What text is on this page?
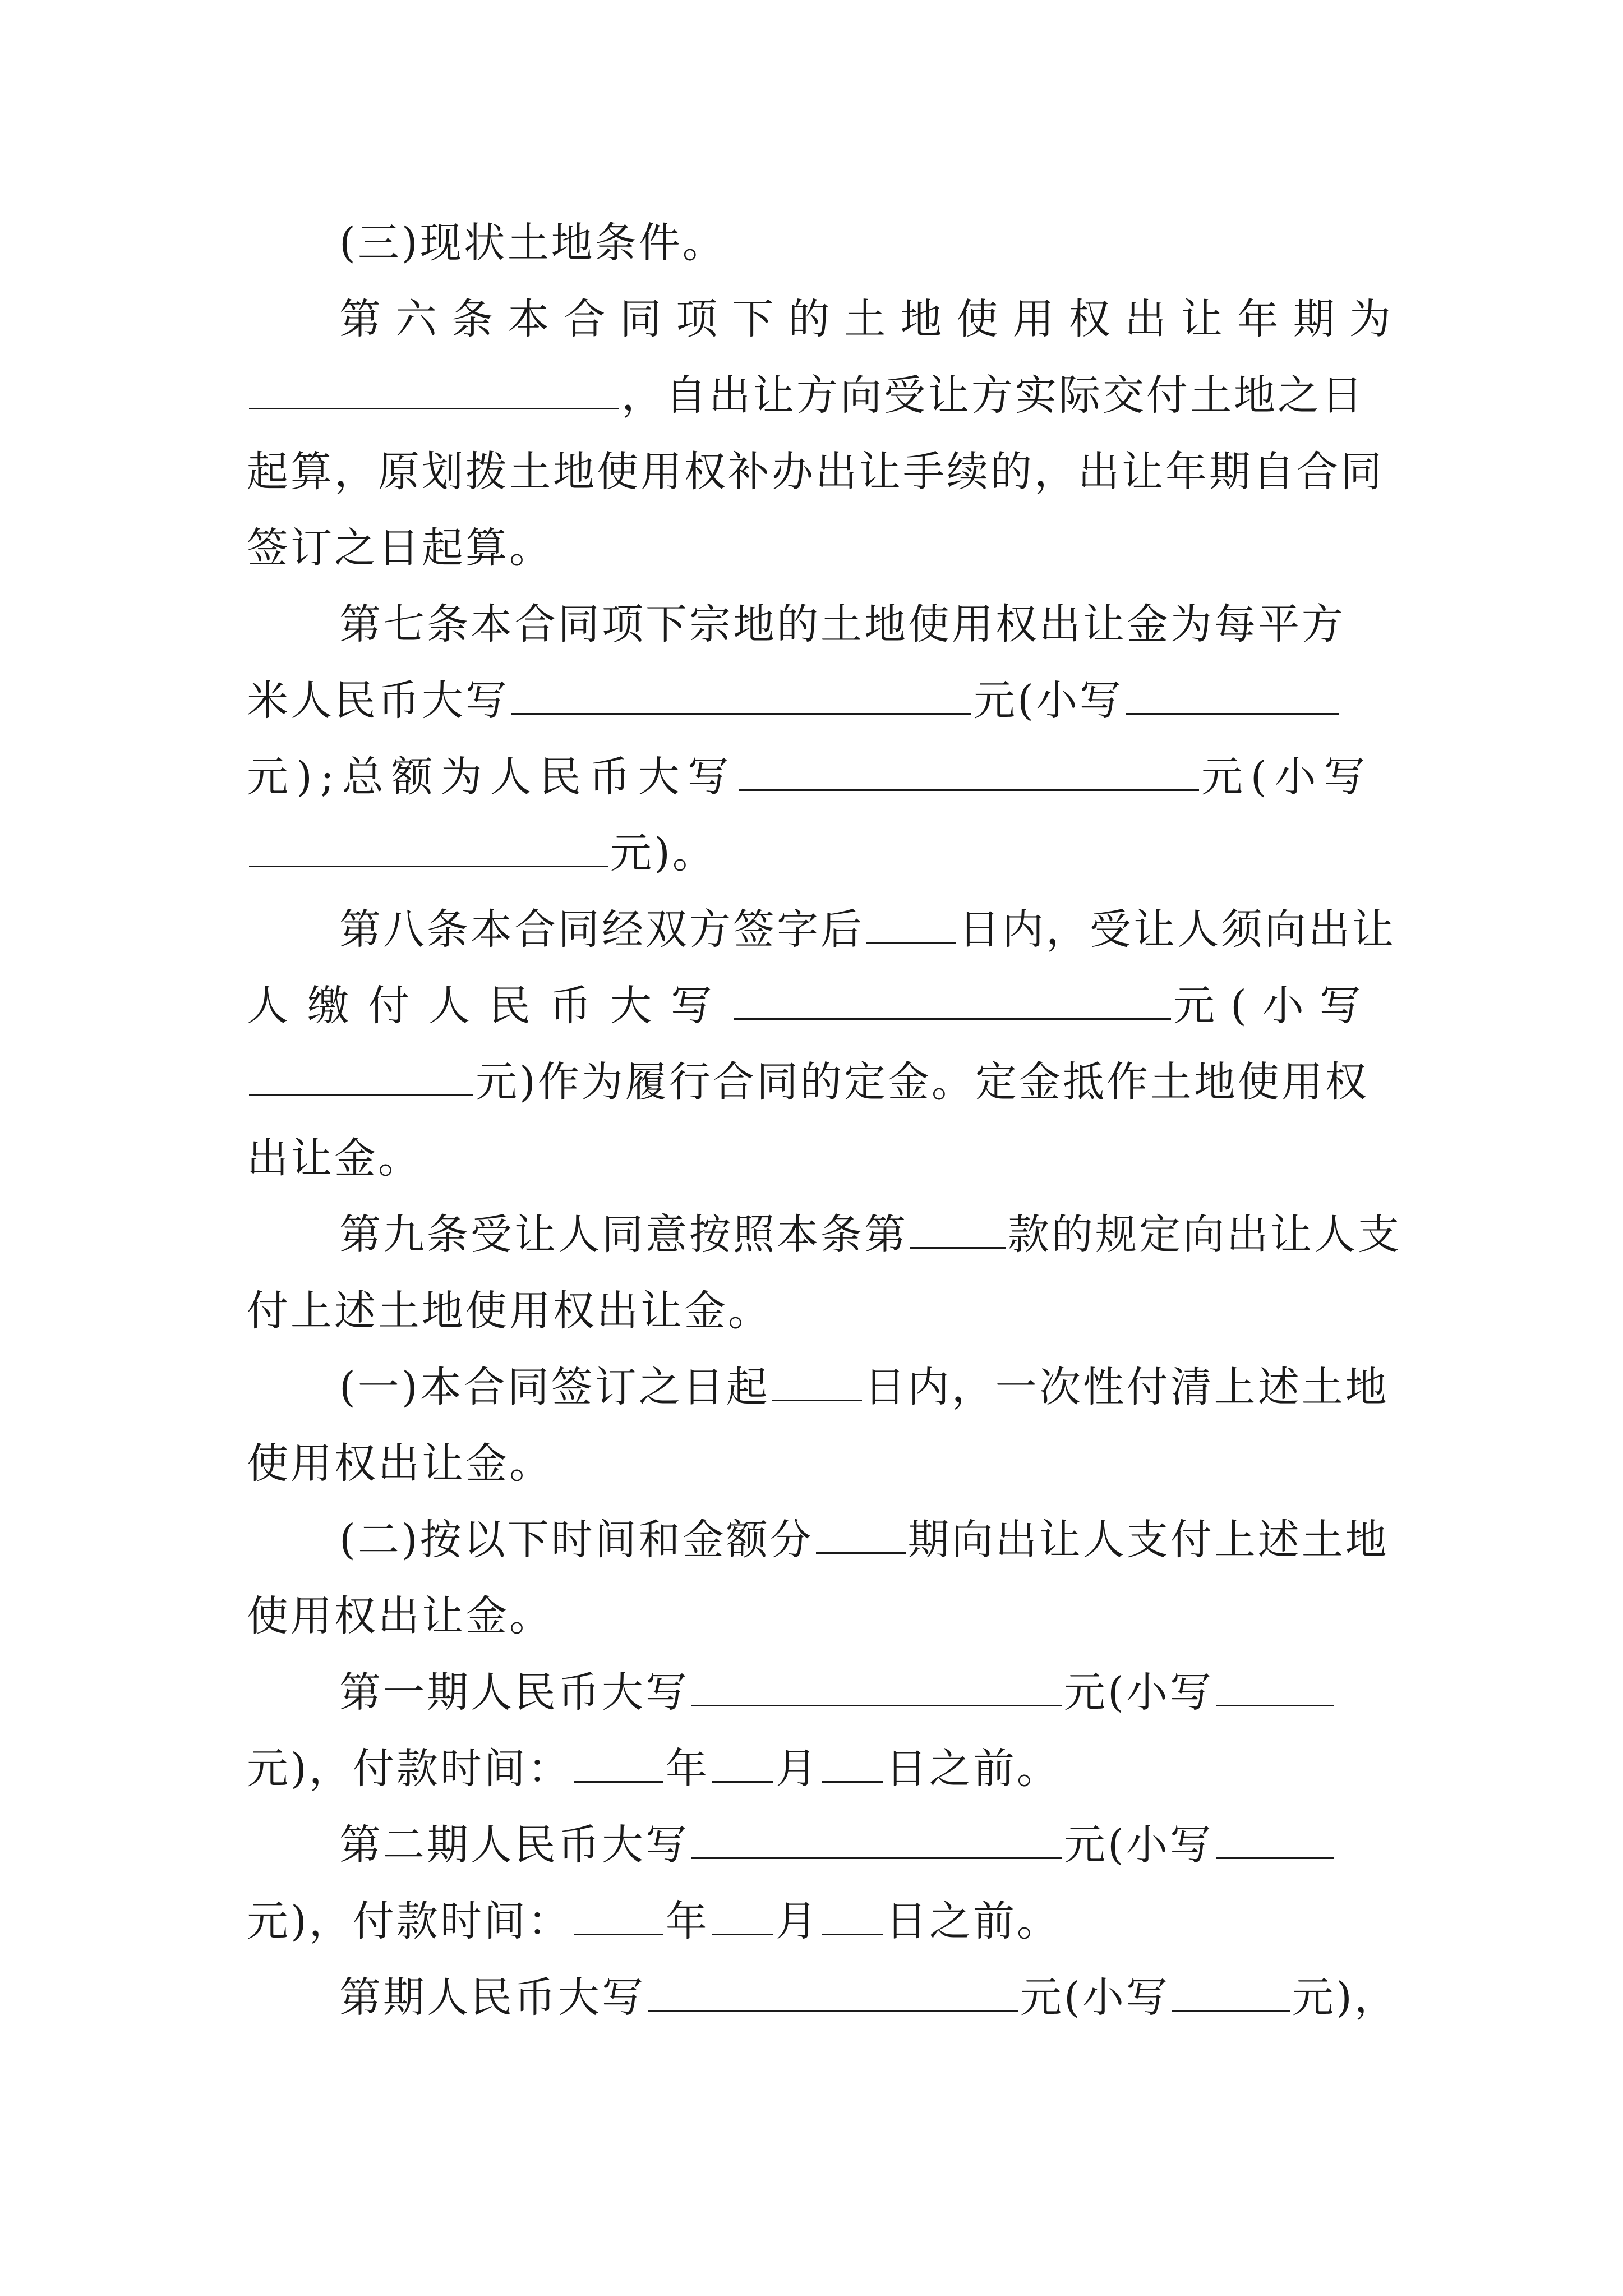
(三)现状土地条件。
第 六 条 本 合 同 项 下 的 土 地 使 用 权 出 让 年 期 为
，自出让方向受让方实际交付土地之日
起算，原划拨土地使用权补办出让手续的，出让年期自合同
签订之日起算。
第七条本合同项下宗地的土地使用权出让金为每平方
米人民币大写	元(小写
元);总额为人民币大写	元(小写
元)。
第八条本合同经双方签字后 日内，受让人须向出让
人缴付人民币大写	元(小写
元)作为履行合同的定金。定金抵作土地使用权
出让金。
第九条受让人同意按照本条第 款的规定向出让人支
付上述土地使用权出让金。
(一)本合同签订之日起 日内，一次性付清上述土地
使用权出让金。
(二)按以下时间和金额分 期向出让人支付上述土地
使用权出让金。
第一期人民币大写	元(小写
元)，付款时间： 年 月 日之前。
第二期人民币大写	元(小写
元)，付款时间： 年 月 日之前。
第期人民币大写	元(小写	元)，
